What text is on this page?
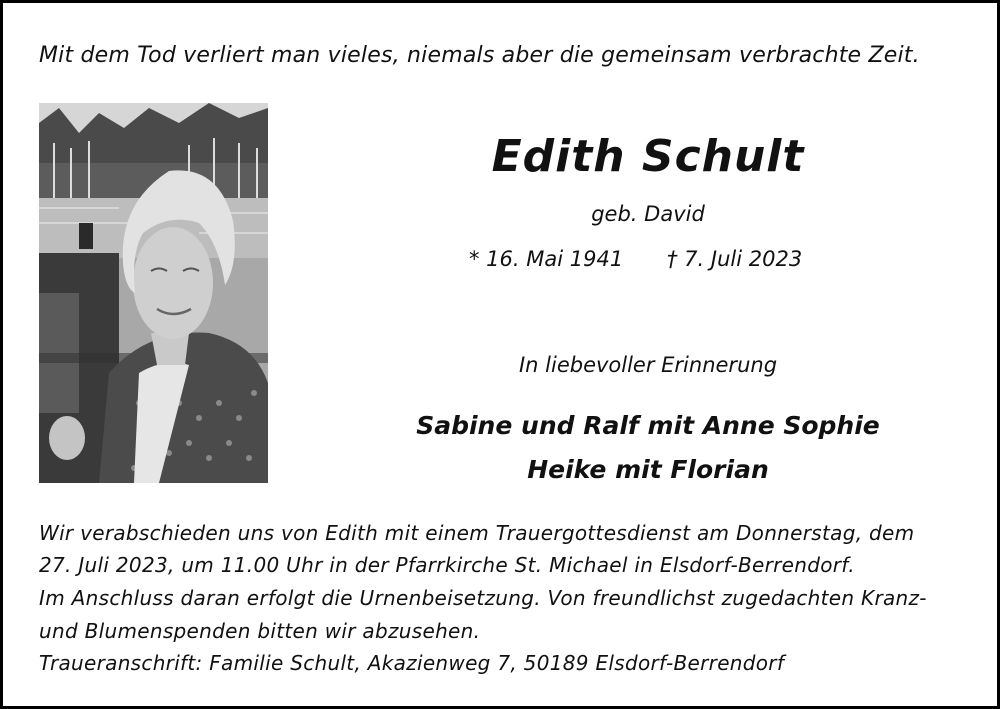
Mit dem Tod verliert man vieles, niemals aber die gemeinsam verbrachte Zeit.
Edith Schult
geb. David
* 16. Mai 1941 † 7. Juli 2023
In liebevoller Erinnerung
Sabine und Ralf mit Anne Sophie
Heike mit Florian
Wir verabschieden uns von Edith mit einem Trauergottesdienst am Donnerstag, dem
27. Juli 2023, um 11.00 Uhr in der Pfarrkirche St. Michael in Elsdorf-Berrendorf.
Im Anschluss daran erfolgt die Urnenbeisetzung. Von freundlichst zugedachten Kranz-
und Blumenspenden bitten wir abzusehen.
Traueranschrift: Familie Schult, Akazienweg 7, 50189 Elsdorf-Berrendorf
